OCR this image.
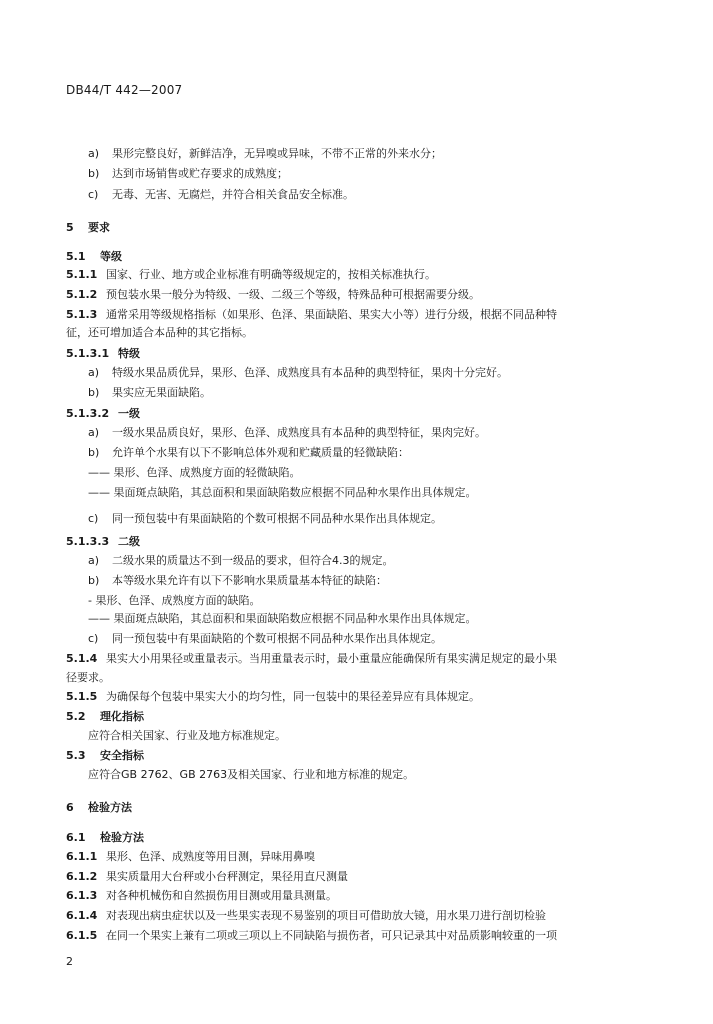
DB44/T 442—2007
a) 果形完整良好，新鲜洁净，无异嗅或异味，不带不正常的外来水分；
b) 达到市场销售或贮存要求的成熟度；
c) 无毒、无害、无腐烂，并符合相关食品安全标准。
5 要求
5.1 等级
5.1.1 国家、行业、地方或企业标准有明确等级规定的，按相关标准执行。
5.1.2 预包装水果一般分为特级、一级、二级三个等级，特殊品种可根据需要分级。
5.1.3 通常采用等级规格指标（如果形、色泽、果面缺陷、果实大小等）进行分级，根据不同品种特
征，还可增加适合本品种的其它指标。
5.1.3.1 特级
a) 特级水果品质优异，果形、色泽、成熟度具有本品种的典型特征，果肉十分完好。
b) 果实应无果面缺陷。
5.1.3.2 一级
a) 一级水果品质良好，果形、色泽、成熟度具有本品种的典型特征，果肉完好。
b) 允许单个水果有以下不影响总体外观和贮藏质量的轻微缺陷：
—— 果形、色泽、成熟度方面的轻微缺陷。
—— 果面斑点缺陷，其总面积和果面缺陷数应根据不同品种水果作出具体规定。
c) 同一预包装中有果面缺陷的个数可根据不同品种水果作出具体规定。
5.1.3.3 二级
a) 二级水果的质量达不到一级品的要求，但符合4.3的规定。
b) 本等级水果允许有以下不影响水果质量基本特征的缺陷：
- 果形、色泽、成熟度方面的缺陷。
—— 果面斑点缺陷，其总面积和果面缺陷数应根据不同品种水果作出具体规定。
c) 同一预包装中有果面缺陷的个数可根据不同品种水果作出具体规定。
5.1.4 果实大小用果径或重量表示。当用重量表示时，最小重量应能确保所有果实满足规定的最小果
径要求。
5.1.5 为确保每个包装中果实大小的均匀性，同一包装中的果径差异应有具体规定。
5.2 理化指标
应符合相关国家、行业及地方标准规定。
5.3 安全指标
应符合GB 2762、GB 2763及相关国家、行业和地方标准的规定。
6 检验方法
6.1 检验方法
6.1.1 果形、色泽、成熟度等用目测，异味用鼻嗅
6.1.2 果实质量用大台秤或小台秤测定，果径用直尺测量
6.1.3 对各种机械伤和自然损伤用目测或用量具测量。
6.1.4 对表现出病虫症状以及一些果实表现不易鉴别的项目可借助放大镜，用水果刀进行剖切检验
6.1.5 在同一个果实上兼有二项或三项以上不同缺陷与损伤者，可只记录其中对品质影响较重的一项
2
